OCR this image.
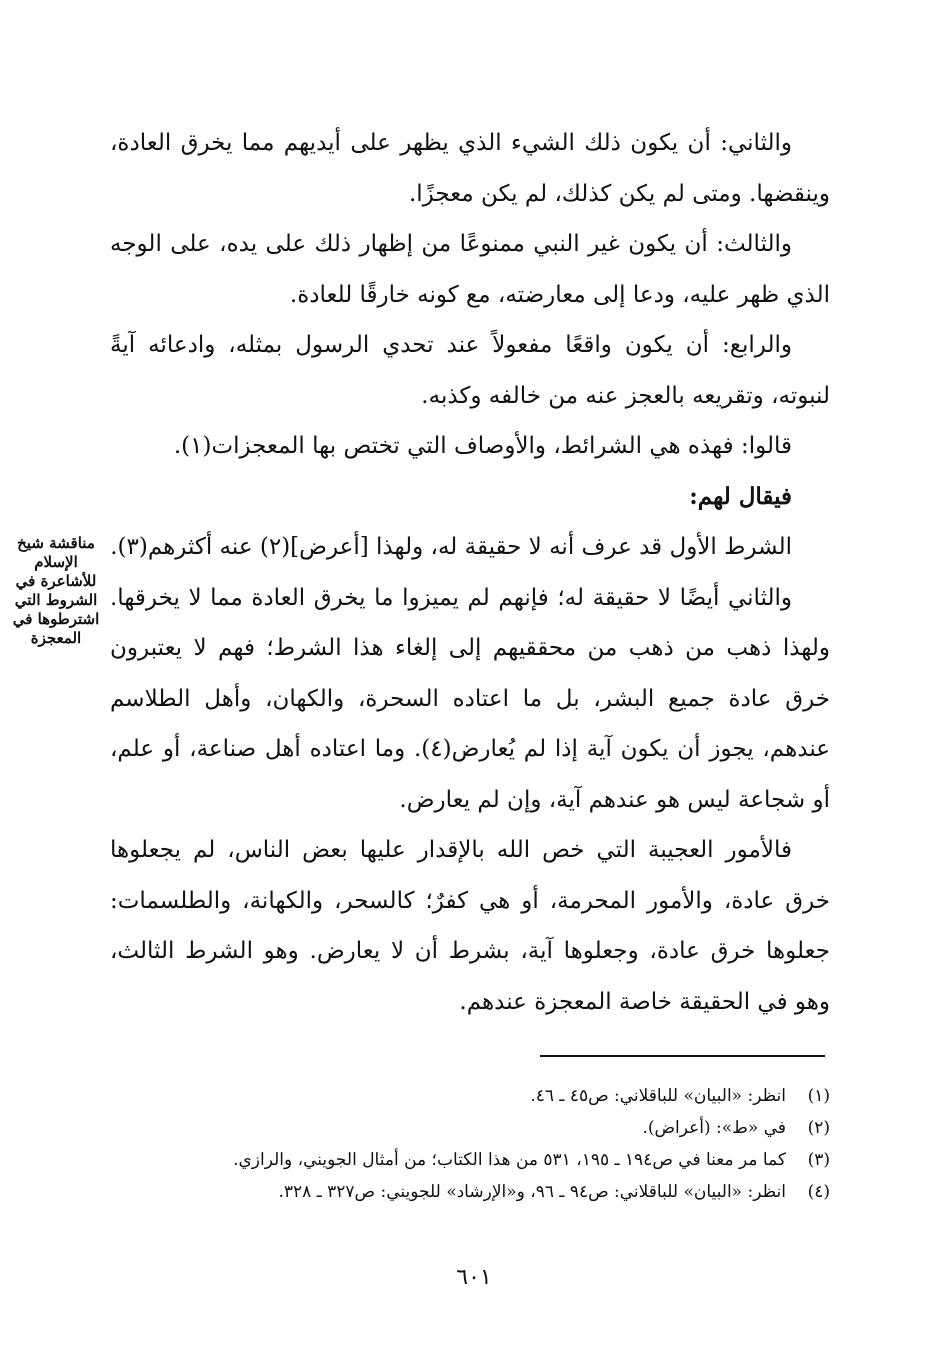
والثاني: أن يكون ذلك الشيء الذي يظهر على أيديهم مما يخرق العادة، وينقضها. ومتى لم يكن كذلك، لم يكن معجزًا.

والثالث: أن يكون غير النبي ممنوعًا من إظهار ذلك على يده، على الوجه الذي ظهر عليه، ودعا إلى معارضته، مع كونه خارقًا للعادة.

والرابع: أن يكون واقعًا مفعولاً عند تحدي الرسول بمثله، وادعائه آيةً لنبوته، وتقريعه بالعجز عنه من خالفه وكذبه.

قالوا: فهذه هي الشرائط، والأوصاف التي تختص بها المعجزات(١).

فيقال لهم:

الشرط الأول قد عرف أنه لا حقيقة له، ولهذا [أعرض](٢) عنه أكثرهم(٣).

والثاني أيضًا لا حقيقة له؛ فإنهم لم يميزوا ما يخرق العادة مما لا يخرقها. ولهذا ذهب من ذهب من محققيهم إلى إلغاء هذا الشرط؛ فهم لا يعتبرون خرق عادة جميع البشر، بل ما اعتاده السحرة، والكهان، وأهل الطلاسم عندهم، يجوز أن يكون آية إذا لم يُعارض(٤). وما اعتاده أهل صناعة، أو علم، أو شجاعة ليس هو عندهم آية، وإن لم يعارض.

فالأمور العجيبة التي خص الله بالإقدار عليها بعض الناس، لم يجعلوها خرق عادة، والأمور المحرمة، أو هي كفرٌ؛ كالسحر، والكهانة، والطلسمات: جعلوها خرق عادة، وجعلوها آية، بشرط أن لا يعارض. وهو الشرط الثالث، وهو في الحقيقة خاصة المعجزة عندهم.

مناقشة شيخ الإسلام للأشاعرة في الشروط التي اشترطوها في المعجزة
(١)
انظر: «البيان» للباقلاني: ص٤٥ ـ ٤٦.
(٢)
في «ط»: (أعراض).
(٣)
كما مر معنا في ص١٩٤ ـ ١٩٥، ٥٣١ من هذا الكتاب؛ من أمثال الجويني، والرازي.
(٤)
انظر: «البيان» للباقلاني: ص٩٤ ـ ٩٦، و«الإرشاد» للجويني: ص٣٢٧ ـ ٣٢٨.
٦٠١
